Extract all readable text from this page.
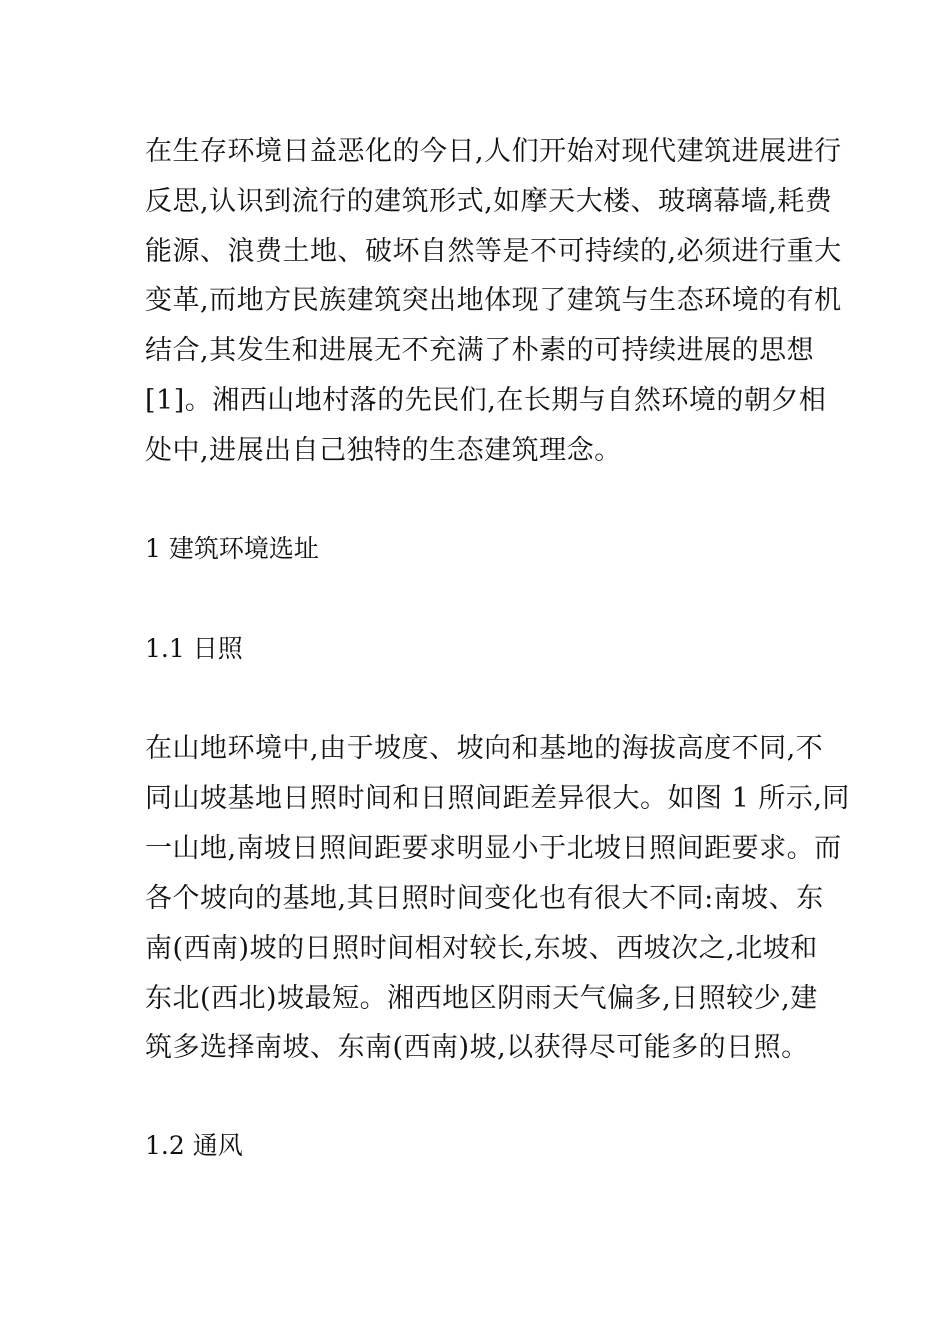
在生存环境日益恶化的今日,人们开始对现代建筑进展进行
反思,认识到流行的建筑形式,如摩天大楼、玻璃幕墙,耗费
能源、浪费土地、破坏自然等是不可持续的,必须进行重大
变革,而地方民族建筑突出地体现了建筑与生态环境的有机
结合,其发生和进展无不充满了朴素的可持续进展的思想
[1]。湘西山地村落的先民们,在长期与自然环境的朝夕相
处中,进展出自己独特的生态建筑理念。
1 建筑环境选址
1.1 日照
在山地环境中,由于坡度、坡向和基地的海拔高度不同,不
同山坡基地日照时间和日照间距差异很大。如图 1 所示,同
一山地,南坡日照间距要求明显小于北坡日照间距要求。而
各个坡向的基地,其日照时间变化也有很大不同:南坡、东
南(西南)坡的日照时间相对较长,东坡、西坡次之,北坡和
东北(西北)坡最短。湘西地区阴雨天气偏多,日照较少,建
筑多选择南坡、东南(西南)坡,以获得尽可能多的日照。
1.2 通风
